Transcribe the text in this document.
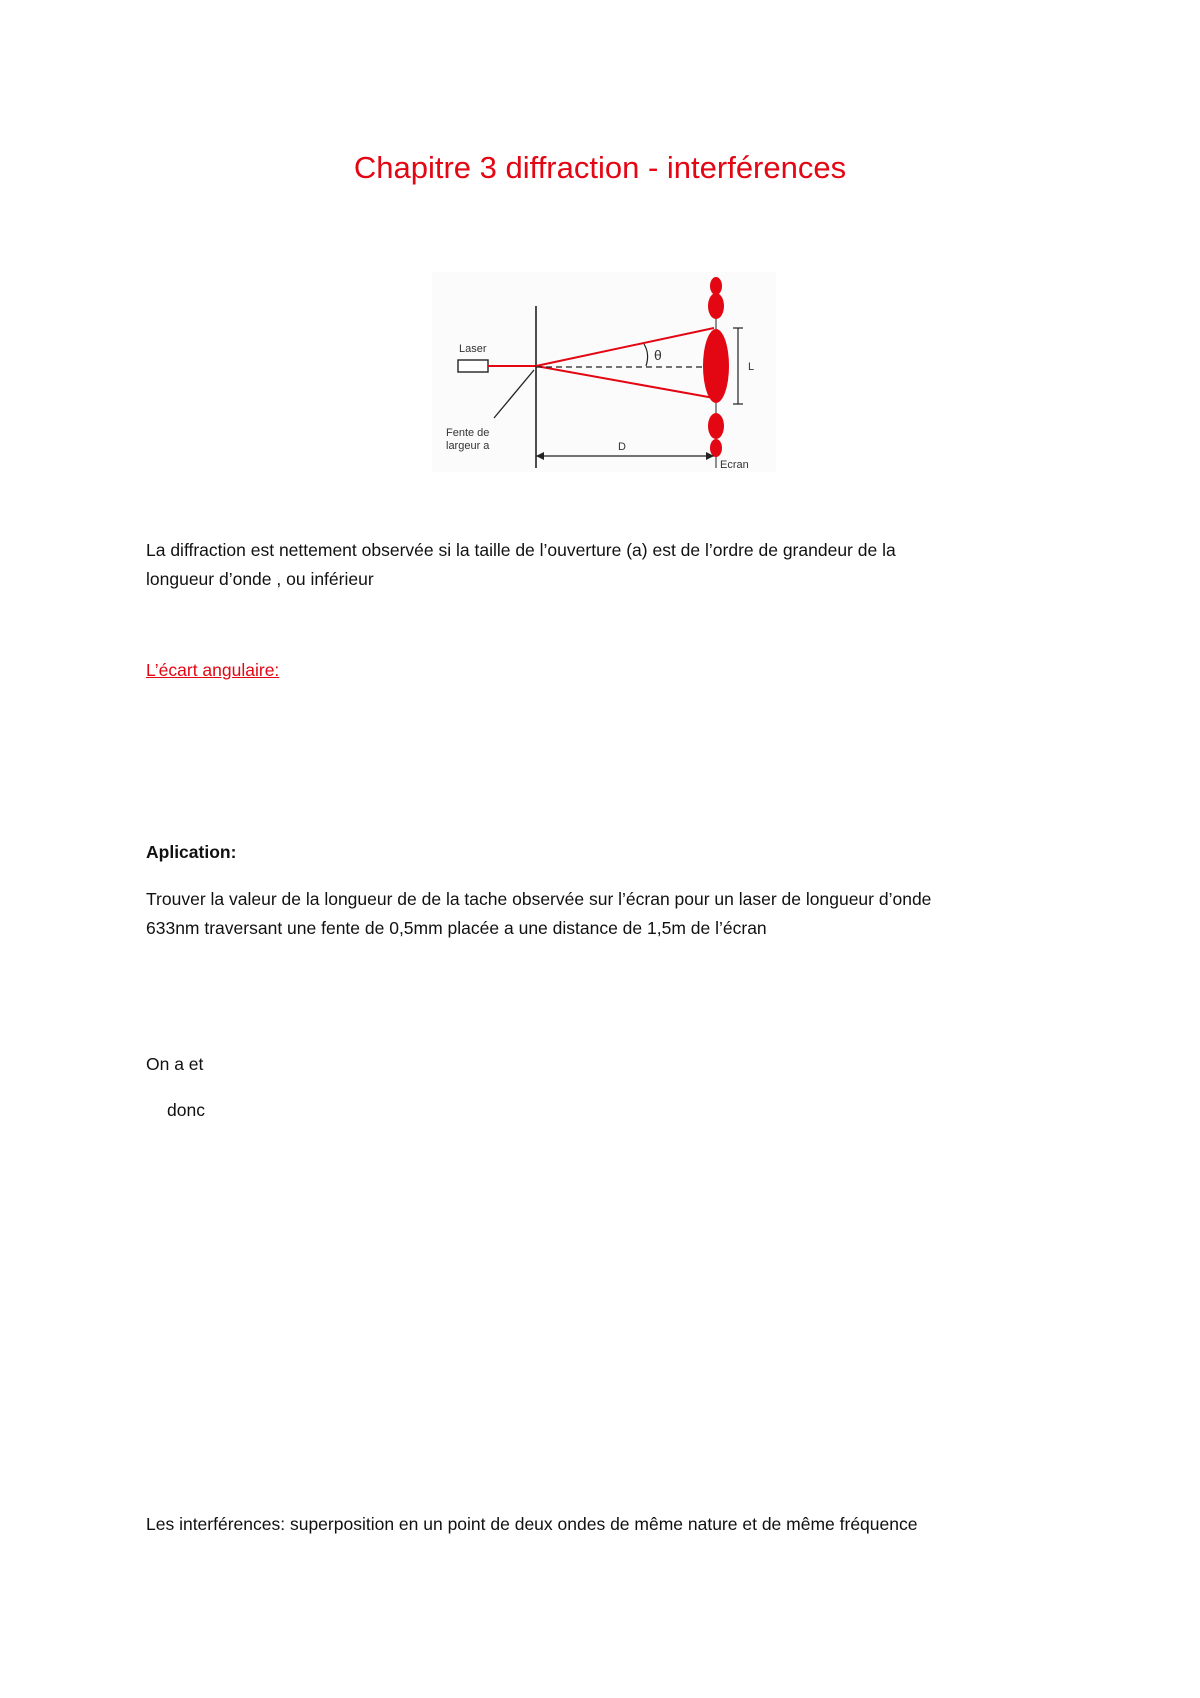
Chapitre 3 diffraction - interférences
Laser	θ
L
Fente de
largeur a	D
Ecran

La diffraction est nettement observée si la taille de l’ouverture (a) est de l’ordre de grandeur de la

longueur d’onde , ou inférieur

L’écart angulaire:

Aplication:

Trouver la valeur de la longueur de de la tache observée sur l’écran pour un laser de longueur d’onde

633nm traversant une fente de 0,5mm placée a une distance de 1,5m de l’écran

On a et

donc

Les interférences: superposition en un point de deux ondes de même nature et de même fréquence
